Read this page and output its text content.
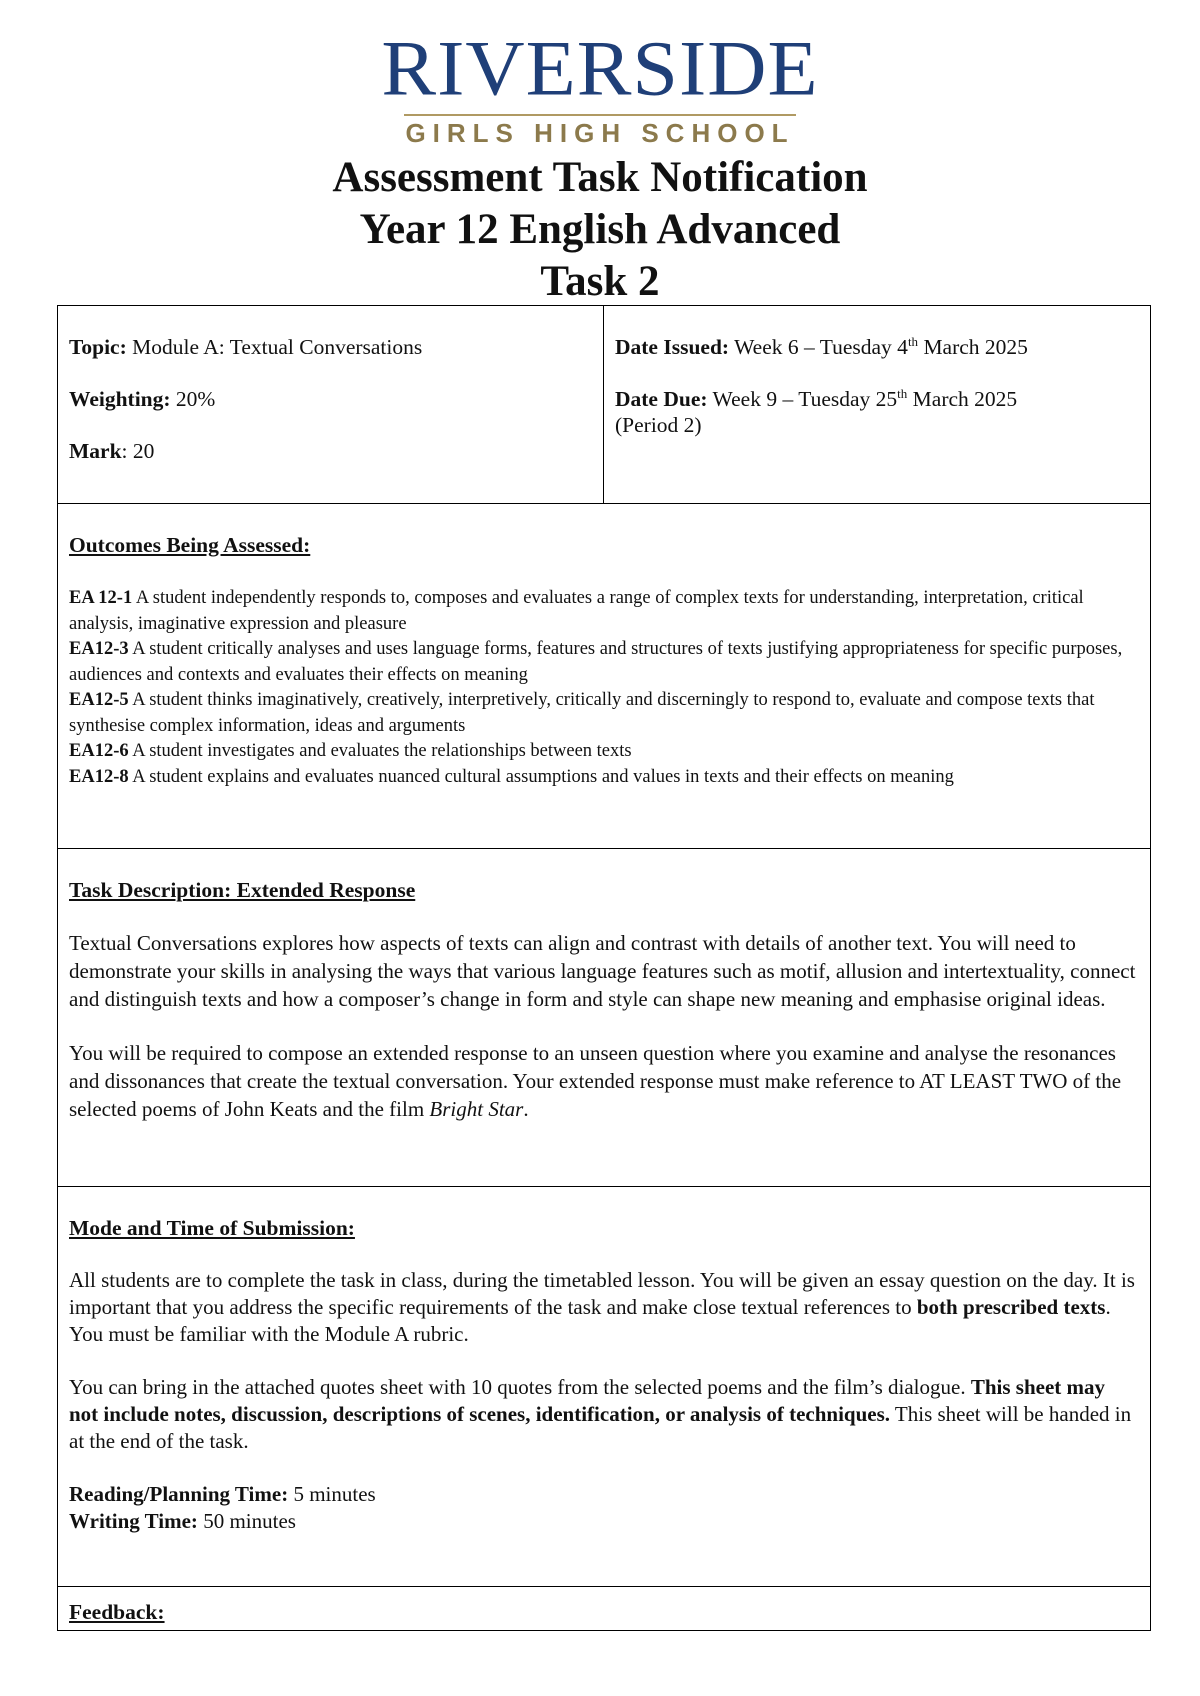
RIVERSIDE
GIRLS HIGH SCHOOL
Assessment Task Notification
Year 12 English Advanced
Task 2
Topic: Module A: Textual Conversations
Weighting: 20%
Mark: 20
Date Issued: Week 6 – Tuesday 4th March 2025
Date Due: Week 9 – Tuesday 25th March 2025
(Period 2)
Outcomes Being Assessed:
EA 12-1 A student independently responds to, composes and evaluates a range of complex texts for understanding, interpretation, critical analysis, imaginative expression and pleasure
EA12-3 A student critically analyses and uses language forms, features and structures of texts justifying appropriateness for specific purposes, audiences and contexts and evaluates their effects on meaning
EA12-5 A student thinks imaginatively, creatively, interpretively, critically and discerningly to respond to, evaluate and compose texts that synthesise complex information, ideas and arguments
EA12-6 A student investigates and evaluates the relationships between texts
EA12-8 A student explains and evaluates nuanced cultural assumptions and values in texts and their effects on meaning
Task Description: Extended Response
Textual Conversations explores how aspects of texts can align and contrast with details of another text. You will need to demonstrate your skills in analysing the ways that various language features such as motif, allusion and intertextuality, connect and distinguish texts and how a composer’s change in form and style can shape new meaning and emphasise original ideas.
You will be required to compose an extended response to an unseen question where you examine and analyse the resonances and dissonances that create the textual conversation. Your extended response must make reference to AT LEAST TWO of the selected poems of John Keats and the film Bright Star.
Mode and Time of Submission:
All students are to complete the task in class, during the timetabled lesson. You will be given an essay question on the day. It is important that you address the specific requirements of the task and make close textual references to both prescribed texts. You must be familiar with the Module A rubric.
You can bring in the attached quotes sheet with 10 quotes from the selected poems and the film’s dialogue. This sheet may not include notes, discussion, descriptions of scenes, identification, or analysis of techniques. This sheet will be handed in at the end of the task.
Reading/Planning Time: 5 minutes
Writing Time: 50 minutes
Feedback:
